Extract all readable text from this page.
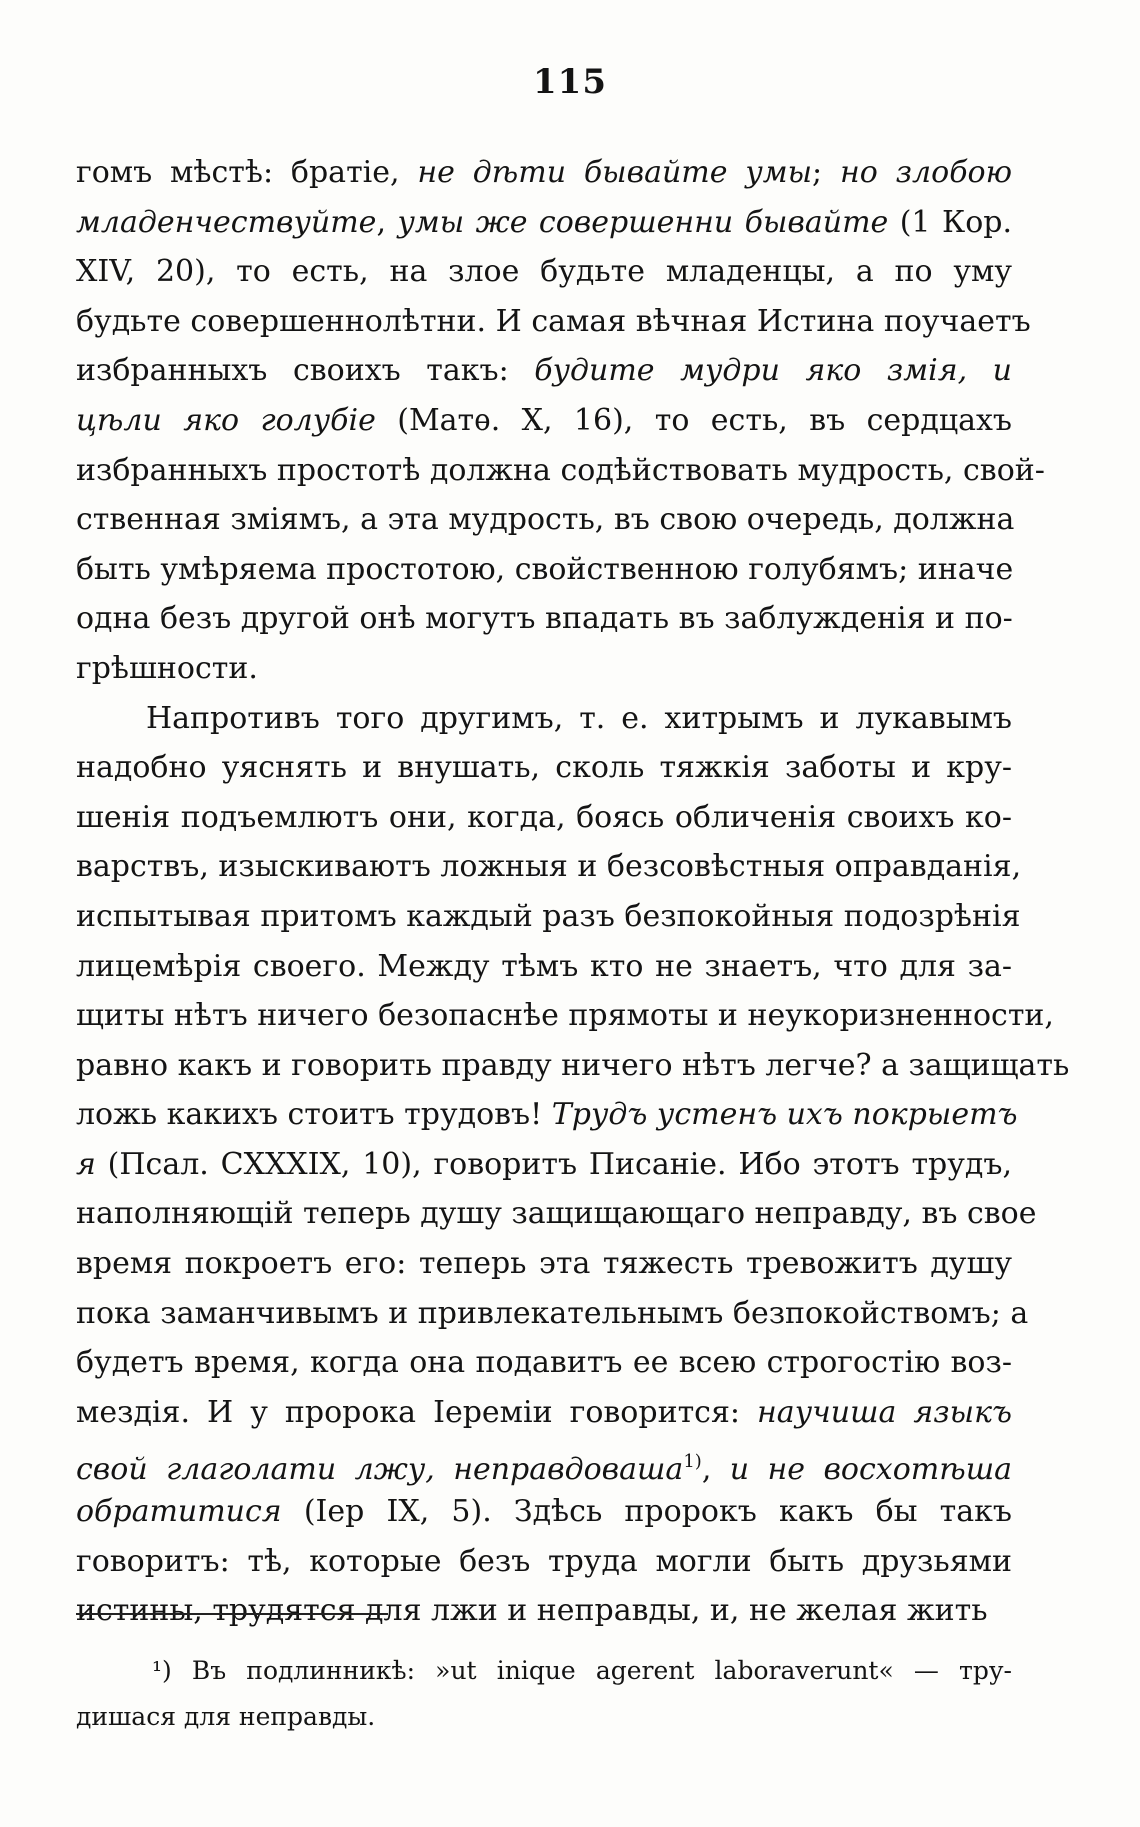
115
гомъ мѣстѣ: братіе, не дѣти бывайте умы; но злобою
младенчествуйте, умы же совершенни бывайте (1 Кор.
XIV, 20), то есть, на злое будьте младенцы, а по уму
будьте совершеннолѣтни. И самая вѣчная Истина поучаетъ
избранныхъ своихъ такъ: будите мудри яко змія, и
цѣли яко голубіе (Матѳ. X, 16), то есть, въ сердцахъ
избранныхъ простотѣ должна содѣйствовать мудрость, свой-
ственная зміямъ, а эта мудрость, въ свою очередь, должна
быть умѣряема простотою, свойственною голубямъ; иначе
одна безъ другой онѣ могутъ впадать въ заблужденія и по-
грѣшности.
Напротивъ того другимъ, т. е. хитрымъ и лукавымъ
надобно уяснять и внушать, сколь тяжкія заботы и кру-
шенія подъемлютъ они, когда, боясь обличенія своихъ ко-
варствъ, изыскиваютъ ложныя и безсовѣстныя оправданія,
испытывая притомъ каждый разъ безпокойныя подозрѣнія
лицемѣрія своего. Между тѣмъ кто не знаетъ, что для за-
щиты нѣтъ ничего безопаснѣе прямоты и неукоризненности,
равно какъ и говорить правду ничего нѣтъ легче? а защищать
ложь какихъ стоитъ трудовъ! Трудъ устенъ ихъ покрыетъ
я (Псал. CXXXIX, 10), говоритъ Писаніе. Ибо этотъ трудъ,
наполняющій теперь душу защищающаго неправду, въ свое
время покроетъ его: теперь эта тяжесть тревожитъ душу
пока заманчивымъ и привлекательнымъ безпокойствомъ; а
будетъ время, когда она подавитъ ее всею строгостію воз-
мездія. И у пророка Іереміи говорится: научиша языкъ
свой глаголати лжу, неправдоваша$^{1)}$, и не восхотѣша
обратитися (Iер IX, 5). Здѣсь пророкъ какъ бы такъ
говоритъ: тѣ, которые безъ труда могли быть друзьями
истины, трудятся для лжи и неправды, и, не желая жить
¹) Въ подлинникѣ: »ut inique agerent laboraverunt« — тру-
дишася для неправды.
